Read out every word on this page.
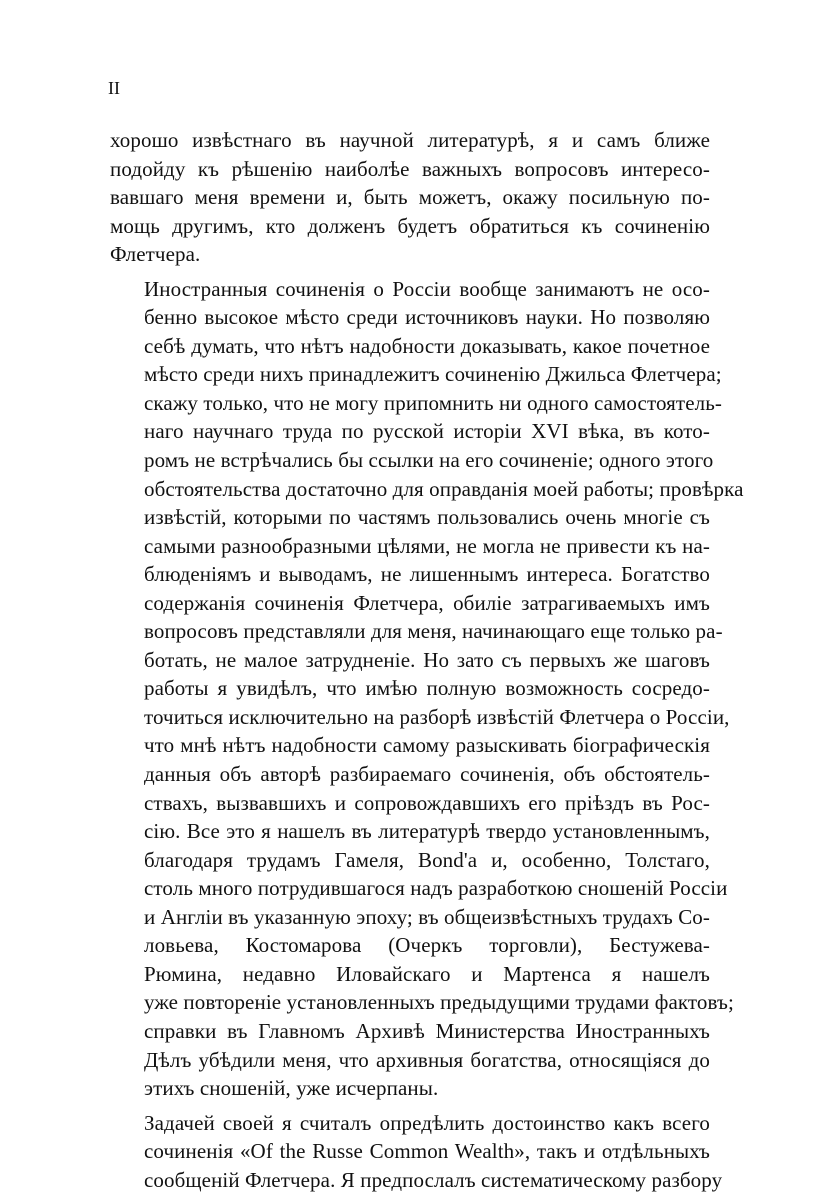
II
хорошо извѣстнаго въ научной литературѣ, я и самъ ближе
подойду къ рѣшенію наиболѣе важныхъ вопросовъ интересо-
вавшаго меня времени и, быть можетъ, окажу посильную по-
мощь другимъ, кто долженъ будетъ обратиться къ сочиненію
Флетчера.
Иностранныя сочиненія о Россіи вообще занимаютъ не осо-
бенно высокое мѣсто среди источниковъ науки. Но позволяю
себѣ думать, что нѣтъ надобности доказывать, какое почетное
мѣсто среди нихъ принадлежитъ сочиненію Джильса Флетчера;
скажу только, что не могу припомнить ни одного самостоятель-
наго научнаго труда по русской исторіи XVI вѣка, въ кото-
ромъ не встрѣчались бы ссылки на его сочиненіе; одного этого
обстоятельства достаточно для оправданія моей работы; провѣрка
извѣстій, которыми по частямъ пользовались очень многіе съ
самыми разнообразными цѣлями, не могла не привести къ на-
блюденіямъ и выводамъ, не лишеннымъ интереса. Богатство
содержанія сочиненія Флетчера, обиліе затрагиваемыхъ имъ
вопросовъ представляли для меня, начинающаго еще только ра-
ботать, не малое затрудненіе. Но зато съ первыхъ же шаговъ
работы я увидѣлъ, что имѣю полную возможность сосредо-
точиться исключительно на разборѣ извѣстій Флетчера о Россіи,
что мнѣ нѣтъ надобности самому разыскивать біографическія
данныя объ авторѣ разбираемаго сочиненія, объ обстоятель-
ствахъ, вызвавшихъ и сопровождавшихъ его пріѣздъ въ Рос-
сію. Все это я нашелъ въ литературѣ твердо установленнымъ,
благодаря трудамъ Гамеля, Bond'а и, особенно, Толстаго,
столь много потрудившагося надъ разработкою сношеній Россіи
и Англіи въ указанную эпоху; въ общеизвѣстныхъ трудахъ Со-
ловьева, Костомарова (Очеркъ торговли), Бестужева-
Рюмина, недавно Иловайскаго и Мартенса я нашелъ
уже повтореніе установленныхъ предыдущими трудами фактовъ;
справки въ Главномъ Архивѣ Министерства Иностранныхъ
Дѣлъ убѣдили меня, что архивныя богатства, относящіяся до
этихъ сношеній, уже исчерпаны.
Задачей своей я считалъ опредѣлить достоинство какъ всего
сочиненія «Of the Russe Common Wealth», такъ и отдѣльныхъ
сообщеній Флетчера. Я предпослалъ систематическому разбору
